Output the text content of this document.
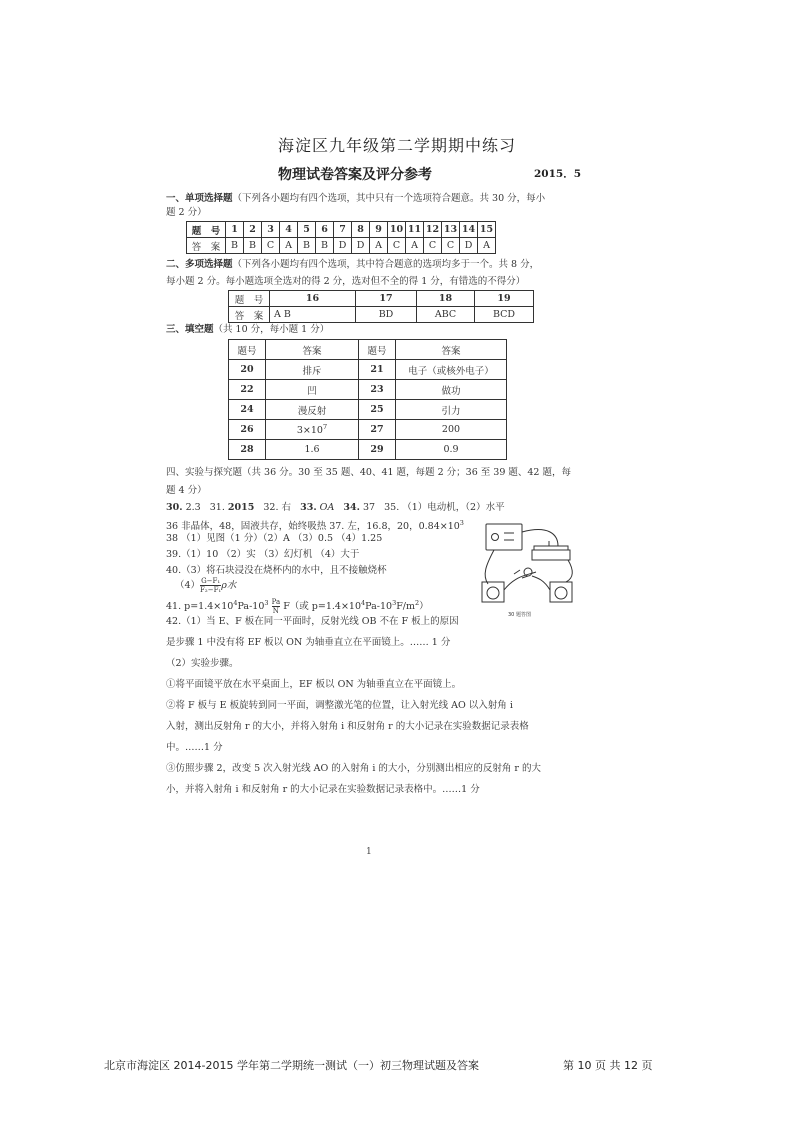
海淀区九年级第二学期期中练习
物理试卷答案及评分参考	2015．5
一、单项选择题（下列各小题均有四个选项，其中只有一个选项符合题意。共 30 分，每小
题 2 分）
题　号	1	2	3	4	5	6	7	8	9	10	11	12	13	14	15
答　案	B	B	C	A	B	B	D	D	A	C	A	C	C	D	A
二、多项选择题（下列各小题均有四个选项，其中符合题意的选项均多于一个。共 8 分，
每小题 2 分。每小题选项全选对的得 2 分，选对但不全的得 1 分，有错选的不得分）
题　号	16	17	18	19
答　案	A B	BD	ABC	BCD
三、填空题（共 10 分，每小题 1 分）
题号	答案	题号	答案
20	排斥	21	电子（或核外电子）
22	凹	23	做功
24	漫反射	25	引力
26	$3\times 10^7$	27	200
28	1.6	29	0.9
四、实验与探究题（共 36 分。30 至 35 题、40、41 题，每题 2 分；36 至 39 题、42 题，每
题 4 分）
30. 2.3 31. 2015 32. 右 33. OA 34. 37 35. （1）电动机，（2）水平
36 非晶体，48，固液共存，始终吸热 37. 左，16.8，20，$0.84\times 10^3$
38 （1）见图（1 分）（2）A （3）0.5 （4）1.25
39.（1）10 （2）实 （3）幻灯机 （4）大于
40.（3）将石块浸没在烧杯内的水中，且不接触烧杯
$(4) \frac{\text{G−F₁}}{\text{F₂−F₁}}$ ρ水
41. $p=1.4\times 10^4Pa-10^3 \frac{Pa}{N} F$（或 $p=1.4\times 10^4Pa-10^3F/m^2$）
42.（1）当 E、F 板在同一平面时，反射光线 OB 不在 F 板上的原因
是步骤 1 中没有将 EF 板以 ON 为轴垂直立在平面镜上。…… 1 分
（2）实验步骤。
①将平面镜平放在水平桌面上，EF 板以 ON 为轴垂直立在平面镜上。
②将 F 板与 E 板旋转到同一平面，调整激光笔的位置，让入射光线 AO 以入射角 i
入射，测出反射角 r 的大小，并将入射角 i 和反射角 r 的大小记录在实验数据记录表格
中。……1 分
③仿照步骤 2，改变 5 次入射光线 AO 的入射角 i 的大小，分别测出相应的反射角 r 的大
小，并将入射角 i 和反射角 r 的大小记录在实验数据记录表格中。……1 分
30 题答图
1
北京市海淀区 2014-2015 学年第二学期统一测试（一）初三物理试题及答案	第 10 页 共 12 页
